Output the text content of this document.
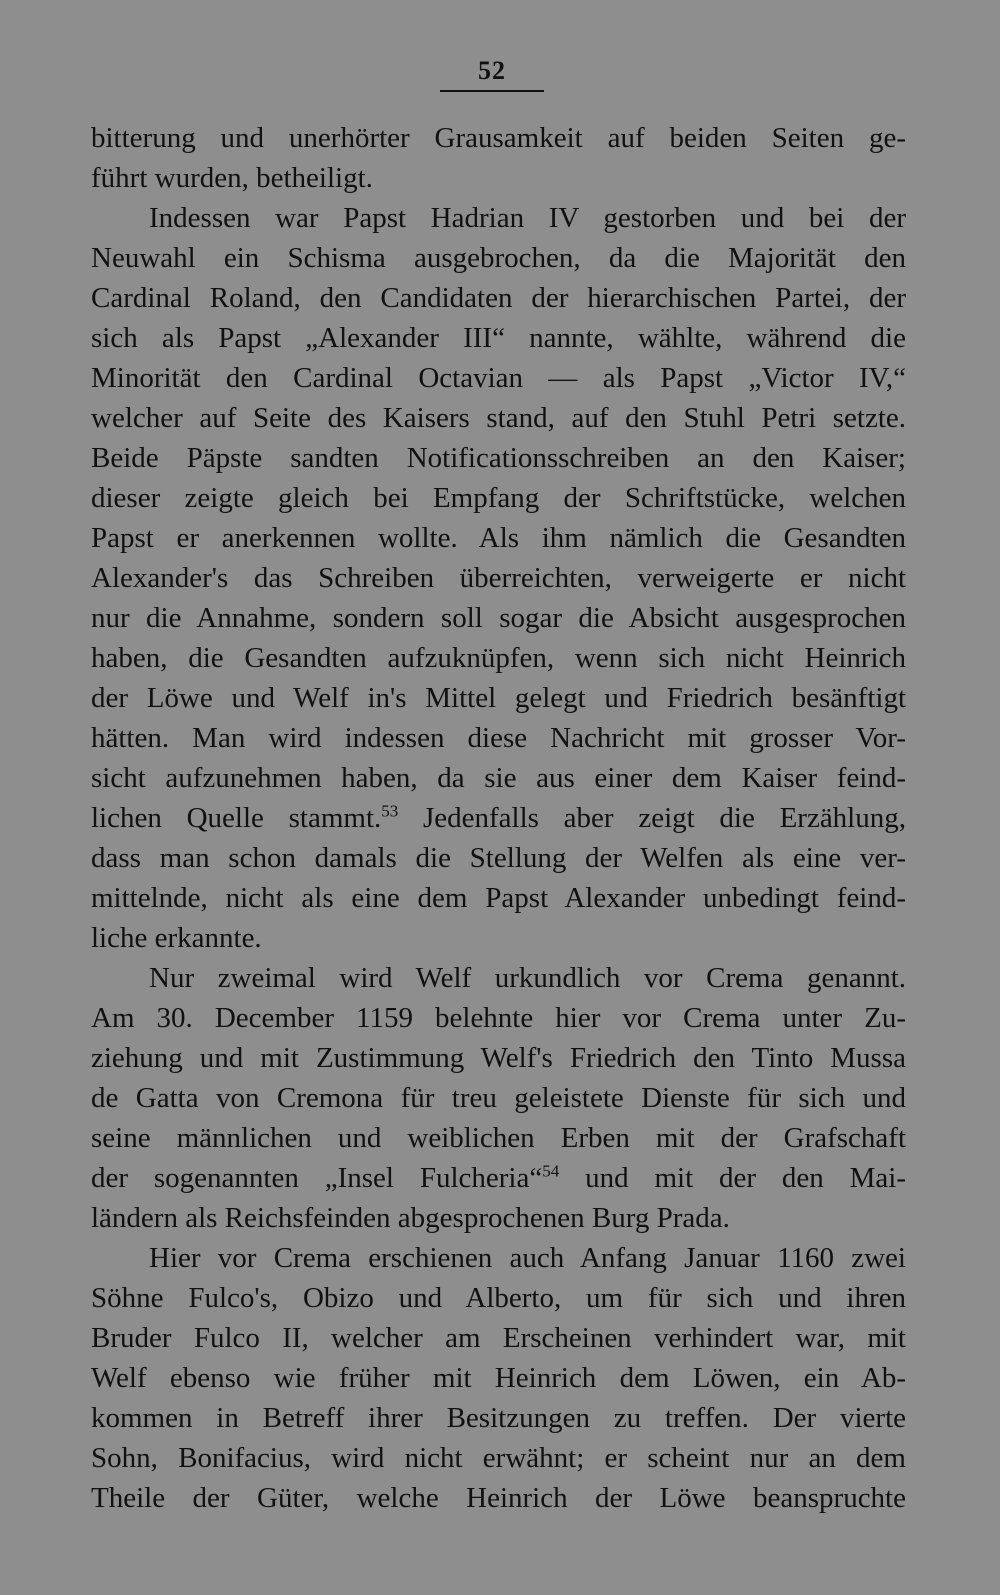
52
bitterung und unerhörter Grausamkeit auf beiden Seiten ge-
führt wurden, betheiligt.
Indessen war Papst Hadrian IV gestorben und bei der
Neuwahl ein Schisma ausgebrochen, da die Majorität den
Cardinal Roland, den Candidaten der hierarchischen Partei, der
sich als Papst „Alexander III“ nannte, wählte, während die
Minorität den Cardinal Octavian — als Papst „Victor IV,“
welcher auf Seite des Kaisers stand, auf den Stuhl Petri setzte.
Beide Päpste sandten Notificationsschreiben an den Kaiser;
dieser zeigte gleich bei Empfang der Schriftstücke, welchen
Papst er anerkennen wollte. Als ihm nämlich die Gesandten
Alexander's das Schreiben überreichten, verweigerte er nicht
nur die Annahme, sondern soll sogar die Absicht ausgesprochen
haben, die Gesandten aufzuknüpfen, wenn sich nicht Heinrich
der Löwe und Welf in's Mittel gelegt und Friedrich besänftigt
hätten. Man wird indessen diese Nachricht mit grosser Vor-
sicht aufzunehmen haben, da sie aus einer dem Kaiser feind-
lichen Quelle stammt.$^{53}$ Jedenfalls aber zeigt die Erzählung,
dass man schon damals die Stellung der Welfen als eine ver-
mittelnde, nicht als eine dem Papst Alexander unbedingt feind-
liche erkannte.
Nur zweimal wird Welf urkundlich vor Crema genannt.
Am 30. December 1159 belehnte hier vor Crema unter Zu-
ziehung und mit Zustimmung Welf's Friedrich den Tinto Mussa
de Gatta von Cremona für treu geleistete Dienste für sich und
seine männlichen und weiblichen Erben mit der Grafschaft
der sogenannten „Insel Fulcheria“$^{54}$ und mit der den Mai-
ländern als Reichsfeinden abgesprochenen Burg Prada.
Hier vor Crema erschienen auch Anfang Januar 1160 zwei
Söhne Fulco's, Obizo und Alberto, um für sich und ihren
Bruder Fulco II, welcher am Erscheinen verhindert war, mit
Welf ebenso wie früher mit Heinrich dem Löwen, ein Ab-
kommen in Betreff ihrer Besitzungen zu treffen. Der vierte
Sohn, Bonifacius, wird nicht erwähnt; er scheint nur an dem
Theile der Güter, welche Heinrich der Löwe beanspruchte
